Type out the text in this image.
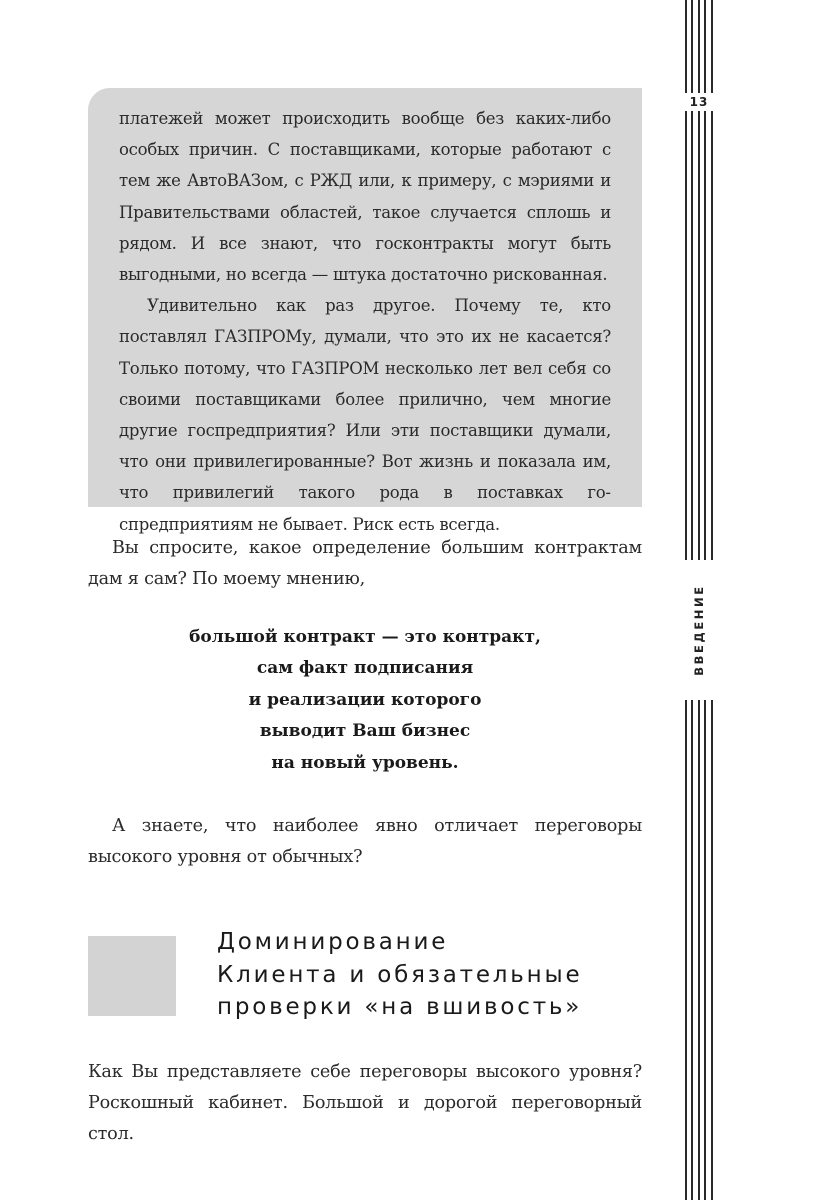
13
ВВЕДЕНИЕ

платежей может происходить вообще без каких-либо особых причин. С поставщиками, которые работают с тем же АвтоВАЗом, с РЖД или, к примеру, с мэриями и Правительствами областей, такое случается сплошь и рядом. И все знают, что госконтракты могут быть выгодными, но всегда — штука достаточно рискованная.

Удивительно как раз другое. Почему те, кто поставлял ГАЗПРОМу, думали, что это их не касается? Только потому, что ГАЗПРОМ несколько лет вел себя со своими поставщиками более прилично, чем многие другие госпредприятия? Или эти поставщики думали, что они привилегированные? Вот жизнь и показала им, что привилегий такого рода в поставках госпредприятиям не бывает. Риск есть всегда.

Вы спросите, какое определение большим контрактам дам я сам? По моему мнению,

большой контракт — это контракт,
сам факт подписания
и реализации которого
выводит Ваш бизнес
на новый уровень.

А знаете, что наиболее явно отличает переговоры высокого уровня от обычных?

Доминирование
Клиента и обязательные
проверки «на вшивость»

Как Вы представляете себе переговоры высокого уровня? Роскошный кабинет. Большой и дорогой переговорный стол.
